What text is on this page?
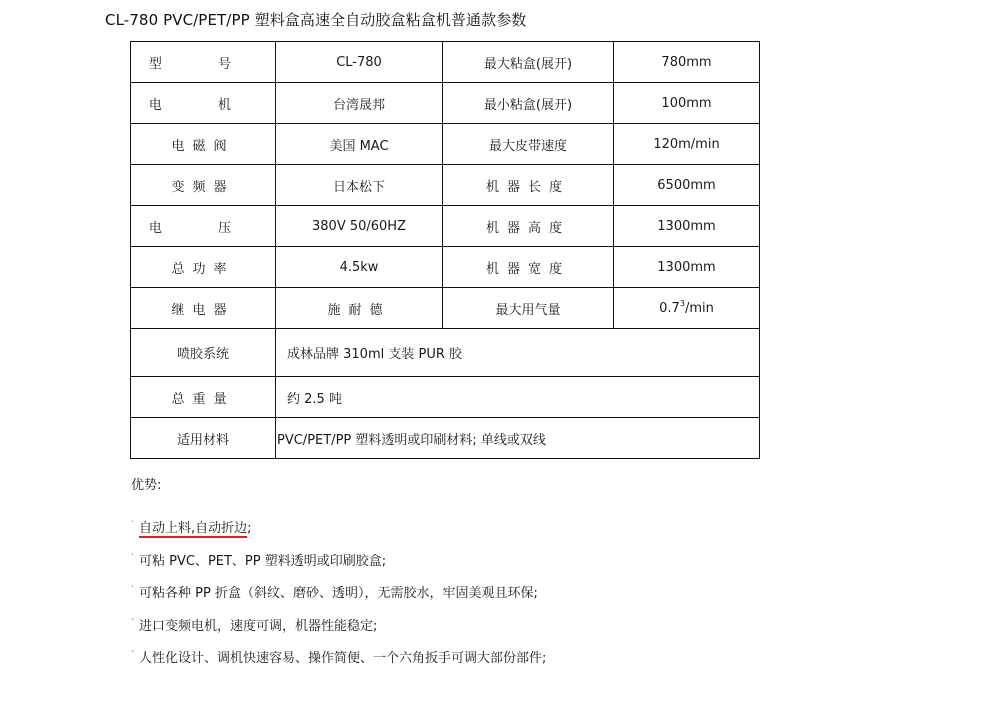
CL-780 PVC/PET/PP 塑料盒高速全自动胶盒粘盒机普通款参数
型 号	CL-780	最大粘盒(展开)	780mm
电 机	台湾晟邦	最小粘盒(展开)	100mm
电磁阀	美国 MAC	最大皮带速度	120m/min
变频器	日本松下	机器长度	6500mm
电 压	380V 50/60HZ	机器高度	1300mm
总功率	4.5kw	机器宽度	1300mm
继电器	施耐德	最大用气量	$0.7^3/\min$
喷胶系统	成林品牌 310ml 支装 PUR 胶		
总重量	约 2.5 吨		
适用材料	PVC/PET/PP 塑料透明或印刷材料; 单线或双线		
优势:
ˋ 自动上料,自动折边;
ˋ 可粘 PVC、PET、PP 塑料透明或印刷胶盒;
ˋ 可粘各种 PP 折盒（斜纹、磨砂、透明），无需胶水，牢固美观且环保;
ˋ 进口变频电机，速度可调，机器性能稳定;
ˋ 人性化设计、调机快速容易、操作简便、一个六角扳手可调大部份部件;
